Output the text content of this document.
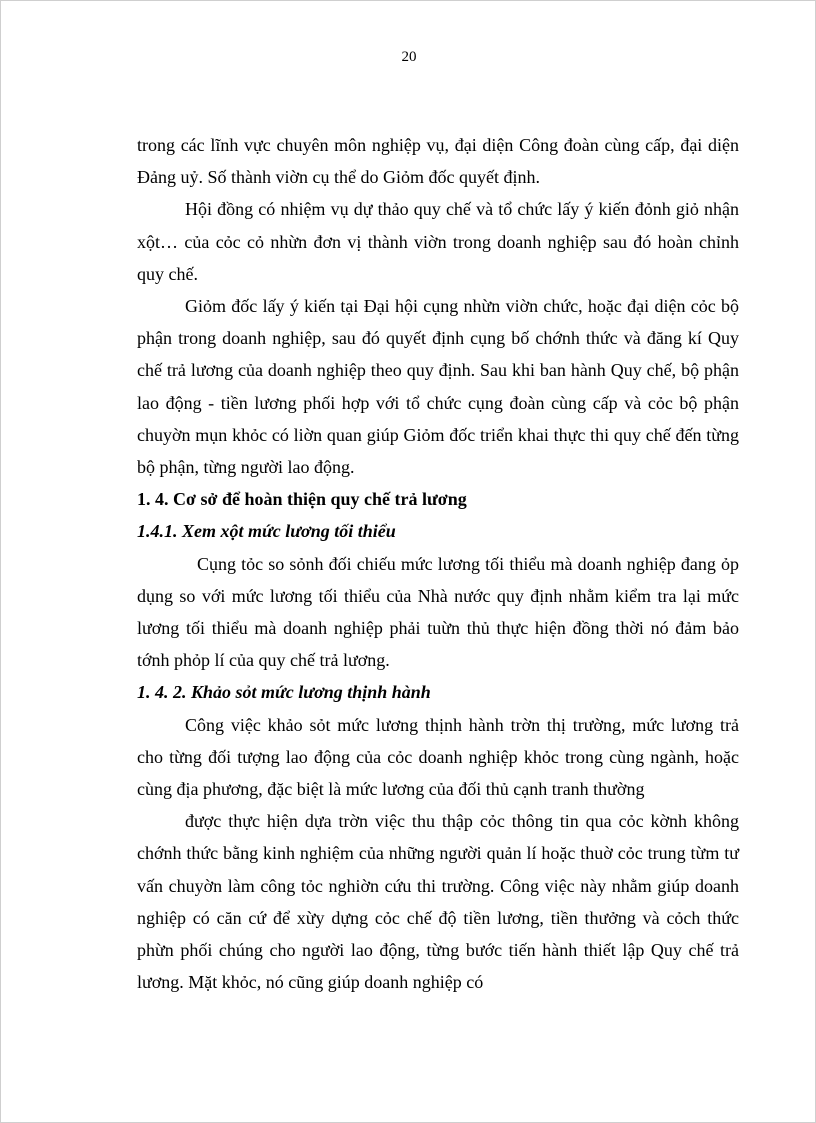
20

trong các lĩnh vực chuyên môn nghiệp vụ, đại diện Công đoàn cùng cấp, đại diện Đảng uỷ. Số thành viờn cụ thể do Giỏm đốc quyết định.

Hội đồng có nhiệm vụ dự thảo quy chế và tổ chức lấy ý kiến đỏnh giỏ nhận xột… của cỏc cỏ nhừn đơn vị thành viờn trong doanh nghiệp sau đó hoàn chỉnh quy chế.

Giỏm đốc lấy ý kiến tại Đại hội cụng nhừn viờn chức, hoặc đại diện cỏc bộ phận trong doanh nghiệp, sau đó quyết định cụng bố chớnh thức và đăng kí Quy chế trả lương của doanh nghiệp theo quy định. Sau khi ban hành Quy chế, bộ phận lao động - tiền lương phối hợp với tổ chức cụng đoàn cùng cấp và cỏc bộ phận chuyờn mụn khỏc có liờn quan giúp Giỏm đốc triển khai thực thi quy chế đến từng bộ phận, từng người lao động.

1. 4. Cơ sở để hoàn thiện quy chế trả lương

1.4.1. Xem xột mức lương tối thiểu

Cụng tỏc so sỏnh đối chiếu mức lương tối thiểu mà doanh nghiệp đang ỏp dụng so với mức lương tối thiểu của Nhà nước quy định nhằm kiểm tra lại mức lương tối thiểu mà doanh nghiệp phải tuừn thủ thực hiện đồng thời nó đảm bảo tớnh phỏp lí của quy chế trả lương.

1. 4. 2. Khảo sỏt mức lương thịnh hành

Công việc khảo sỏt mức lương thịnh hành trờn thị trường, mức lương trả cho từng đối tượng lao động của cỏc doanh nghiệp khỏc trong cùng ngành, hoặc cùng địa phương, đặc biệt là mức lương của đối thủ cạnh tranh thường

được thực hiện dựa trờn việc thu thập cỏc thông tin qua cỏc kờnh không chớnh thức bằng kinh nghiệm của những người quản lí hoặc thuờ cỏc trung từm tư vấn chuyờn làm công tỏc nghiờn cứu thi trường. Công việc này nhằm giúp doanh nghiệp có căn cứ để xừy dựng cỏc chế độ tiền lương, tiền thưởng và cỏch thức phừn phối chúng cho người lao động, từng bước tiến hành thiết lập Quy chế trả lương. Mặt khỏc, nó cũng giúp doanh nghiệp có
